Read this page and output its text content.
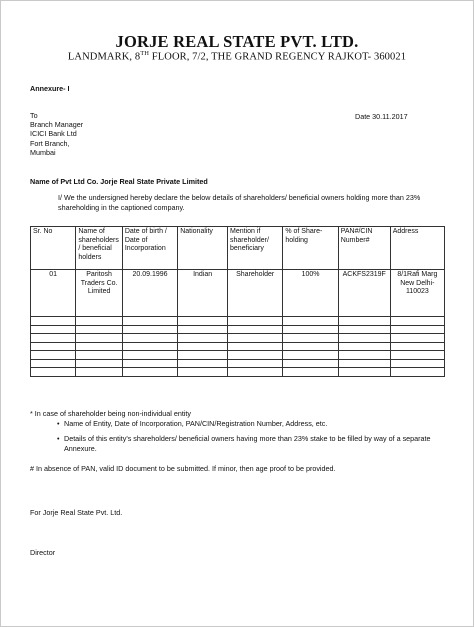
JORJE REAL STATE PVT. LTD.
LANDMARK, 8TH FLOOR, 7/2, THE GRAND REGENCY RAJKOT- 360021
Annexure- I
Date 30.11.2017
To
Branch Manager
ICICI Bank Ltd
Fort Branch,
Mumbai
Name of Pvt Ltd Co. Jorje Real State Private Limited
I/ We the undersigned hereby declare the below details of shareholders/ beneficial owners holding more than 23% shareholding in the captioned company.
Sr. No	Name of shareholders / beneficial holders	Date of birth / Date of Incorporation	Nationality	Mention if shareholder/ beneficiary	% of Share-holding	PAN#/CIN Number#	Address
01	Paritosh Traders Co. Limited	20.09.1996	Indian	Shareholder	100%	ACKFS2319F	8/1Rafi Marg New Delhi-110023

* In case of shareholder being non-individual entity
• Name of Entity, Date of Incorporation, PAN/CIN/Registration Number, Address, etc.
• Details of this entity's shareholders/ beneficial owners having more than 23% stake to be filled by way of a separate Annexure.
# In absence of PAN, valid ID document to be submitted. If minor, then age proof to be provided.
For Jorje Real State Pvt. Ltd.
Director
